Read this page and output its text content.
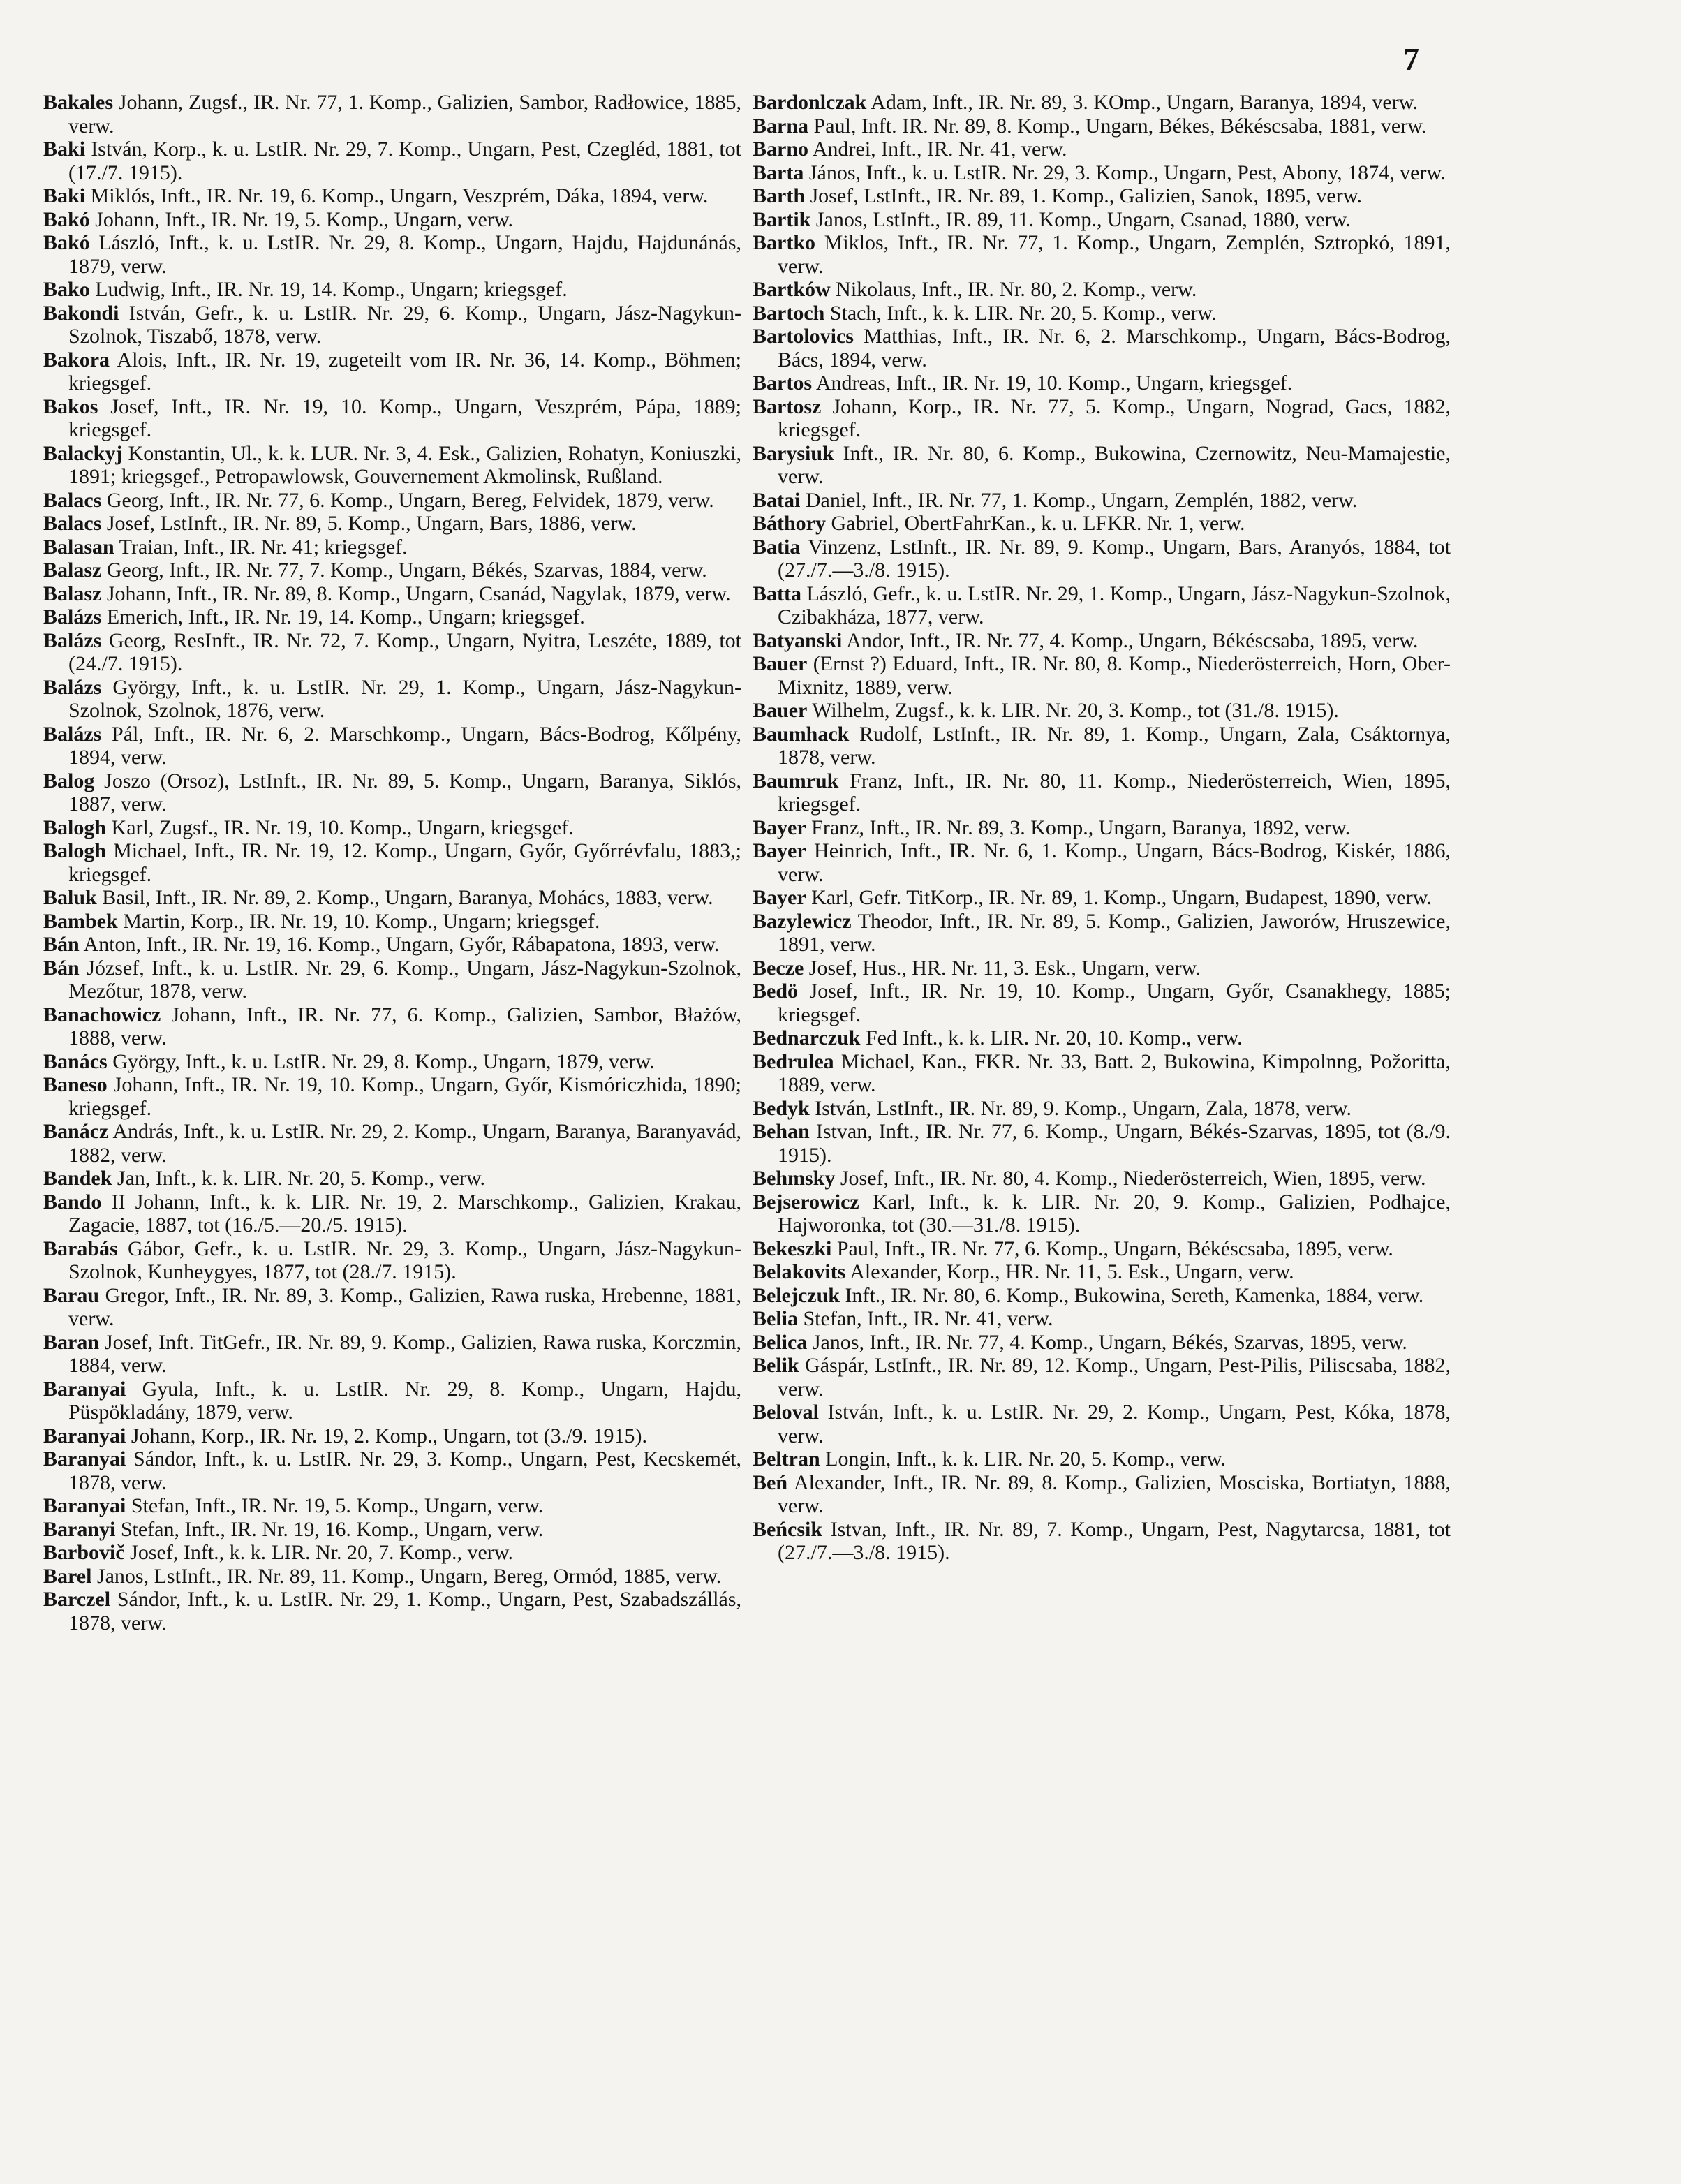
7

Bakales Johann, Zugsf., IR. Nr. 77, 1. Komp., Galizien, Sambor, Radłowice, 1885, verw.

Baki István, Korp., k. u. LstIR. Nr. 29, 7. Komp., Ungarn, Pest, Czegléd, 1881, tot (17./7. 1915).

Baki Miklós, Inft., IR. Nr. 19, 6. Komp., Ungarn, Veszprém, Dáka, 1894, verw.

Bakó Johann, Inft., IR. Nr. 19, 5. Komp., Ungarn, verw.

Bakó László, Inft., k. u. LstIR. Nr. 29, 8. Komp., Ungarn, Hajdu, Hajdunánás, 1879, verw.

Bako Ludwig, Inft., IR. Nr. 19, 14. Komp., Ungarn; kriegsgef.

Bakondi István, Gefr., k. u. LstIR. Nr. 29, 6. Komp., Ungarn, Jász-Nagykun-Szolnok, Tiszabő, 1878, verw.

Bakora Alois, Inft., IR. Nr. 19, zugeteilt vom IR. Nr. 36, 14. Komp., Böhmen; kriegsgef.

Bakos Josef, Inft., IR. Nr. 19, 10. Komp., Ungarn, Veszprém, Pápa, 1889; kriegsgef.

Balackyj Konstantin, Ul., k. k. LUR. Nr. 3, 4. Esk., Galizien, Rohatyn, Koniuszki, 1891; kriegsgef., Petropawlowsk, Gouvernement Akmolinsk, Rußland.

Balacs Georg, Inft., IR. Nr. 77, 6. Komp., Ungarn, Bereg, Felvidek, 1879, verw.

Balacs Josef, LstInft., IR. Nr. 89, 5. Komp., Ungarn, Bars, 1886, verw.

Balasan Traian, Inft., IR. Nr. 41; kriegsgef.

Balasz Georg, Inft., IR. Nr. 77, 7. Komp., Ungarn, Békés, Szarvas, 1884, verw.

Balasz Johann, Inft., IR. Nr. 89, 8. Komp., Ungarn, Csanád, Nagylak, 1879, verw.

Balázs Emerich, Inft., IR. Nr. 19, 14. Komp., Ungarn; kriegsgef.

Balázs Georg, ResInft., IR. Nr. 72, 7. Komp., Ungarn, Nyitra, Leszéte, 1889, tot (24./7. 1915).

Balázs György, Inft., k. u. LstIR. Nr. 29, 1. Komp., Ungarn, Jász-Nagykun-Szolnok, Szolnok, 1876, verw.

Balázs Pál, Inft., IR. Nr. 6, 2. Marschkomp., Ungarn, Bács-Bodrog, Kőlpény, 1894, verw.

Balog Joszo (Orsoz), LstInft., IR. Nr. 89, 5. Komp., Ungarn, Baranya, Siklós, 1887, verw.

Balogh Karl, Zugsf., IR. Nr. 19, 10. Komp., Ungarn, kriegsgef.

Balogh Michael, Inft., IR. Nr. 19, 12. Komp., Ungarn, Győr, Győrrévfalu, 1883,; kriegsgef.

Baluk Basil, Inft., IR. Nr. 89, 2. Komp., Ungarn, Baranya, Mohács, 1883, verw.

Bambek Martin, Korp., IR. Nr. 19, 10. Komp., Ungarn; kriegsgef.

Bán Anton, Inft., IR. Nr. 19, 16. Komp., Ungarn, Győr, Rábapatona, 1893, verw.

Bán József, Inft., k. u. LstIR. Nr. 29, 6. Komp., Ungarn, Jász-Nagykun-Szolnok, Mezőtur, 1878, verw.

Banachowicz Johann, Inft., IR. Nr. 77, 6. Komp., Galizien, Sambor, Błażów, 1888, verw.

Banács György, Inft., k. u. LstIR. Nr. 29, 8. Komp., Ungarn, 1879, verw.

Baneso Johann, Inft., IR. Nr. 19, 10. Komp., Ungarn, Győr, Kismóriczhida, 1890; kriegsgef.

Banácz András, Inft., k. u. LstIR. Nr. 29, 2. Komp., Ungarn, Baranya, Baranyavád, 1882, verw.

Bandek Jan, Inft., k. k. LIR. Nr. 20, 5. Komp., verw.

Bando II Johann, Inft., k. k. LIR. Nr. 19, 2. Marschkomp., Galizien, Krakau, Zagacie, 1887, tot (16./5.—20./5. 1915).

Barabás Gábor, Gefr., k. u. LstIR. Nr. 29, 3. Komp., Ungarn, Jász-Nagykun-Szolnok, Kunheygyes, 1877, tot (28./7. 1915).

Barau Gregor, Inft., IR. Nr. 89, 3. Komp., Galizien, Rawa ruska, Hrebenne, 1881, verw.

Baran Josef, Inft. TitGefr., IR. Nr. 89, 9. Komp., Galizien, Rawa ruska, Korczmin, 1884, verw.

Baranyai Gyula, Inft., k. u. LstIR. Nr. 29, 8. Komp., Ungarn, Hajdu, Püspökladány, 1879, verw.

Baranyai Johann, Korp., IR. Nr. 19, 2. Komp., Ungarn, tot (3./9. 1915).

Baranyai Sándor, Inft., k. u. LstIR. Nr. 29, 3. Komp., Ungarn, Pest, Kecskemét, 1878, verw.

Baranyai Stefan, Inft., IR. Nr. 19, 5. Komp., Ungarn, verw.

Baranyi Stefan, Inft., IR. Nr. 19, 16. Komp., Ungarn, verw.

Barbovič Josef, Inft., k. k. LIR. Nr. 20, 7. Komp., verw.

Barel Janos, LstInft., IR. Nr. 89, 11. Komp., Ungarn, Bereg, Ormód, 1885, verw.

Barczel Sándor, Inft., k. u. LstIR. Nr. 29, 1. Komp., Ungarn, Pest, Szabadszállás, 1878, verw.

Bardonlczak Adam, Inft., IR. Nr. 89, 3. KOmp., Ungarn, Baranya, 1894, verw.

Barna Paul, Inft. IR. Nr. 89, 8. Komp., Ungarn, Békes, Békéscsaba, 1881, verw.

Barno Andrei, Inft., IR. Nr. 41, verw.

Barta János, Inft., k. u. LstIR. Nr. 29, 3. Komp., Ungarn, Pest, Abony, 1874, verw.

Barth Josef, LstInft., IR. Nr. 89, 1. Komp., Galizien, Sanok, 1895, verw.

Bartik Janos, LstInft., IR. 89, 11. Komp., Ungarn, Csanad, 1880, verw.

Bartko Miklos, Inft., IR. Nr. 77, 1. Komp., Ungarn, Zemplén, Sztropkó, 1891, verw.

Bartków Nikolaus, Inft., IR. Nr. 80, 2. Komp., verw.

Bartoch Stach, Inft., k. k. LIR. Nr. 20, 5. Komp., verw.

Bartolovics Matthias, Inft., IR. Nr. 6, 2. Marschkomp., Ungarn, Bács-Bodrog, Bács, 1894, verw.

Bartos Andreas, Inft., IR. Nr. 19, 10. Komp., Ungarn, kriegsgef.

Bartosz Johann, Korp., IR. Nr. 77, 5. Komp., Ungarn, Nograd, Gacs, 1882, kriegsgef.

Barysiuk Inft., IR. Nr. 80, 6. Komp., Bukowina, Czernowitz, Neu-Mamajestie, verw.

Batai Daniel, Inft., IR. Nr. 77, 1. Komp., Ungarn, Zemplén, 1882, verw.

Báthory Gabriel, ObertFahrKan., k. u. LFKR. Nr. 1, verw.

Batia Vinzenz, LstInft., IR. Nr. 89, 9. Komp., Ungarn, Bars, Aranyós, 1884, tot (27./7.—3./8. 1915).

Batta László, Gefr., k. u. LstIR. Nr. 29, 1. Komp., Ungarn, Jász-Nagykun-Szolnok, Czibakháza, 1877, verw.

Batyanski Andor, Inft., IR. Nr. 77, 4. Komp., Ungarn, Békéscsaba, 1895, verw.

Bauer (Ernst ?) Eduard, Inft., IR. Nr. 80, 8. Komp., Niederösterreich, Horn, Ober-Mixnitz, 1889, verw.

Bauer Wilhelm, Zugsf., k. k. LIR. Nr. 20, 3. Komp., tot (31./8. 1915).

Baumhack Rudolf, LstInft., IR. Nr. 89, 1. Komp., Ungarn, Zala, Csáktornya, 1878, verw.

Baumruk Franz, Inft., IR. Nr. 80, 11. Komp., Niederösterreich, Wien, 1895, kriegsgef.

Bayer Franz, Inft., IR. Nr. 89, 3. Komp., Ungarn, Baranya, 1892, verw.

Bayer Heinrich, Inft., IR. Nr. 6, 1. Komp., Ungarn, Bács-Bodrog, Kiskér, 1886, verw.

Bayer Karl, Gefr. TitKorp., IR. Nr. 89, 1. Komp., Ungarn, Budapest, 1890, verw.

Bazylewicz Theodor, Inft., IR. Nr. 89, 5. Komp., Galizien, Jaworów, Hruszewice, 1891, verw.

Becze Josef, Hus., HR. Nr. 11, 3. Esk., Ungarn, verw.

Bedö Josef, Inft., IR. Nr. 19, 10. Komp., Ungarn, Győr, Csanakhegy, 1885; kriegsgef.

Bednarczuk Fed Inft., k. k. LIR. Nr. 20, 10. Komp., verw.

Bedrulea Michael, Kan., FKR. Nr. 33, Batt. 2, Bukowina, Kimpolnng, Požoritta, 1889, verw.

Bedyk István, LstInft., IR. Nr. 89, 9. Komp., Ungarn, Zala, 1878, verw.

Behan Istvan, Inft., IR. Nr. 77, 6. Komp., Ungarn, Békés-Szarvas, 1895, tot (8./9. 1915).

Behmsky Josef, Inft., IR. Nr. 80, 4. Komp., Niederösterreich, Wien, 1895, verw.

Bejserowicz Karl, Inft., k. k. LIR. Nr. 20, 9. Komp., Galizien, Podhajce, Hajworonka, tot (30.—31./8. 1915).

Bekeszki Paul, Inft., IR. Nr. 77, 6. Komp., Ungarn, Békéscsaba, 1895, verw.

Belakovits Alexander, Korp., HR. Nr. 11, 5. Esk., Ungarn, verw.

Belejczuk Inft., IR. Nr. 80, 6. Komp., Bukowina, Sereth, Kamenka, 1884, verw.

Belia Stefan, Inft., IR. Nr. 41, verw.

Belica Janos, Inft., IR. Nr. 77, 4. Komp., Ungarn, Békés, Szarvas, 1895, verw.

Belik Gáspár, LstInft., IR. Nr. 89, 12. Komp., Ungarn, Pest-Pilis, Piliscsaba, 1882, verw.

Beloval István, Inft., k. u. LstIR. Nr. 29, 2. Komp., Ungarn, Pest, Kóka, 1878, verw.

Beltran Longin, Inft., k. k. LIR. Nr. 20, 5. Komp., verw.

Beń Alexander, Inft., IR. Nr. 89, 8. Komp., Galizien, Mosciska, Bortiatyn, 1888, verw.

Beńcsik Istvan, Inft., IR. Nr. 89, 7. Komp., Ungarn, Pest, Nagytarcsa, 1881, tot (27./7.—3./8. 1915).
